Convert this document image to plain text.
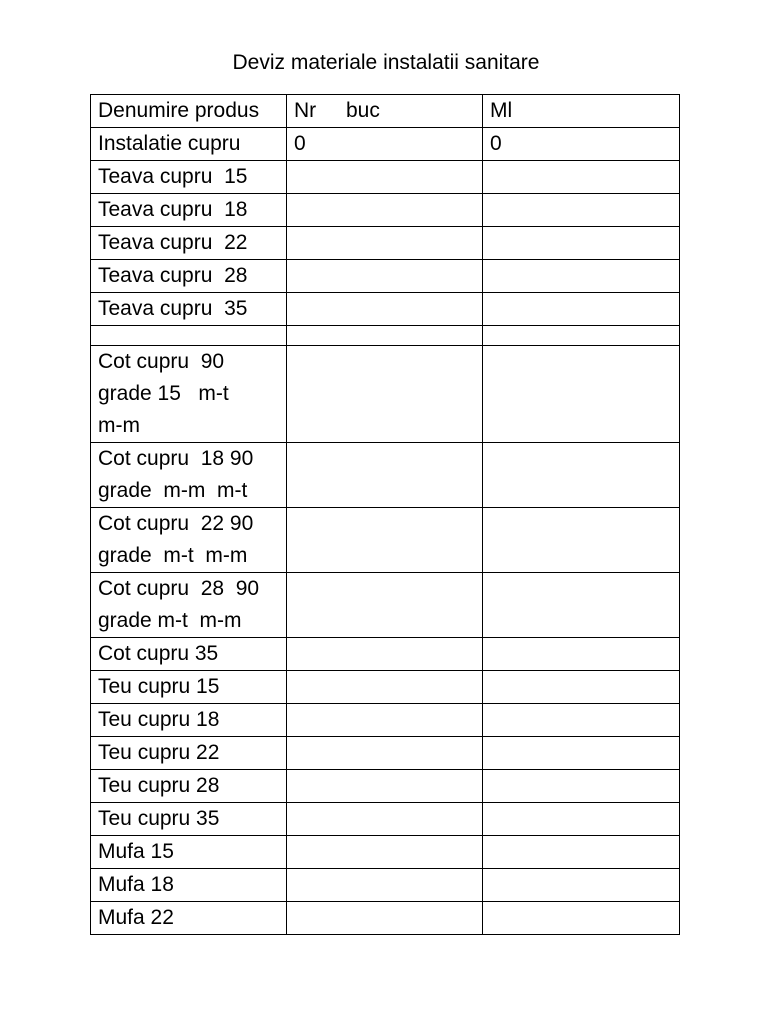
Deviz materiale instalatii sanitare
Denumire produs	Nr buc	Ml

Instalatie cupru	0	0

Teava cupru  15		

Teava cupru  18		

Teava cupru  22		

Teava cupru  28		

Teava cupru  35		

Cot cupru  90
grade 15   m-t
m-m		

Cot cupru  18 90
grade  m-m  m-t		

Cot cupru  22 90
grade  m-t  m-m		

Cot cupru  28  90
grade m-t  m-m		

Cot cupru 35		

Teu cupru 15		

Teu cupru 18		

Teu cupru 22		

Teu cupru 28		

Teu cupru 35		

Mufa 15		

Mufa 18		

Mufa 22		
